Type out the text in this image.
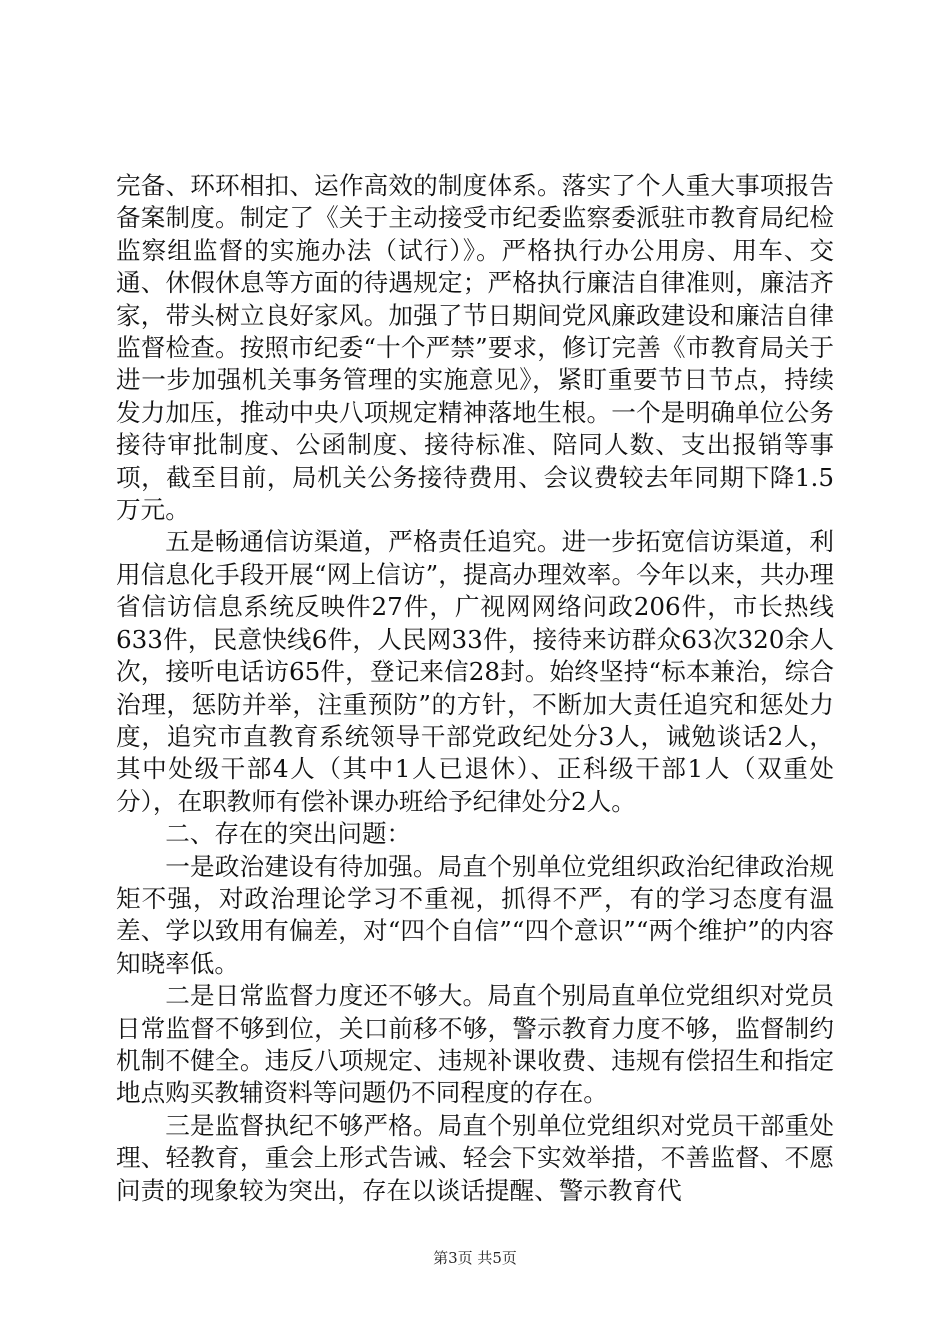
完备、环环相扣、运作高效的制度体系。落实了个人重大事项报告备案制度。制定了《关于主动接受市纪委监察委派驻市教育局纪检监察组监督的实施办法（试行）》。严格执行办公用房、用车、交通、休假休息等方面的待遇规定；严格执行廉洁自律准则，廉洁齐家，带头树立良好家风。加强了节日期间党风廉政建设和廉洁自律监督检查。按照市纪委“十个严禁”要求，修订完善《市教育局关于进一步加强机关事务管理的实施意见》，紧盯重要节日节点，持续发力加压，推动中央八项规定精神落地生根。一个是明确单位公务接待审批制度、公函制度、接待标准、陪同人数、支出报销等事项，截至目前，局机关公务接待费用、会议费较去年同期下降1.5万元。

五是畅通信访渠道，严格责任追究。进一步拓宽信访渠道，利用信息化手段开展“网上信访”，提高办理效率。今年以来，共办理省信访信息系统反映件27件，广视网网络问政206件，市长热线633件，民意快线6件，人民网33件，接待来访群众63次320余人次，接听电话访65件，登记来信28封。始终坚持“标本兼治，综合治理，惩防并举，注重预防”的方针，不断加大责任追究和惩处力度，追究市直教育系统领导干部党政纪处分3人，诫勉谈话2人，其中处级干部4人（其中1人已退休）、正科级干部1人（双重处分），在职教师有偿补课办班给予纪律处分2人。

二、存在的突出问题：

一是政治建设有待加强。局直个别单位党组织政治纪律政治规矩不强，对政治理论学习不重视，抓得不严，有的学习态度有温差、学以致用有偏差，对“四个自信”“四个意识”“两个维护”的内容知晓率低。

二是日常监督力度还不够大。局直个别局直单位党组织对党员日常监督不够到位，关口前移不够，警示教育力度不够，监督制约机制不健全。违反八项规定、违规补课收费、违规有偿招生和指定地点购买教辅资料等问题仍不同程度的存在。

三是监督执纪不够严格。局直个别单位党组织对党员干部重处理、轻教育，重会上形式告诫、轻会下实效举措，不善监督、不愿问责的现象较为突出，存在以谈话提醒、警示教育代

第3页 共5页
